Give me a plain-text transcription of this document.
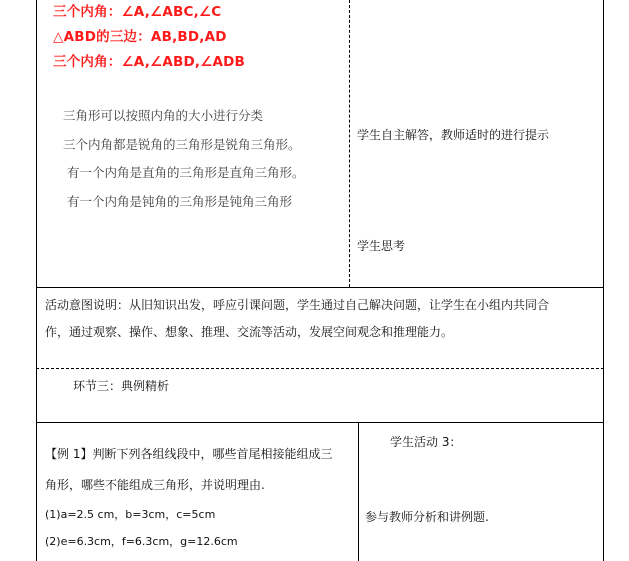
三个内角：∠A,∠ABC,∠C
△ABD的三边：AB,BD,AD
三个内角：∠A,∠ABD,∠ADB
三角形可以按照内角的大小进行分类
三个内角都是锐角的三角形是锐角三角形。
有一个内角是直角的三角形是直角三角形。
有一个内角是钝角的三角形是钝角三角形
学生自主解答，教师适时的进行提示
学生思考
活动意图说明：从旧知识出发，呼应引课问题，学生通过自己解决问题，让学生在小组内共同合
作，通过观察、操作、想象、推理、交流等活动，发展空间观念和推理能力。
环节三：典例精析
【例 1】判断下列各组线段中，哪些首尾相接能组成三
角形，哪些不能组成三角形，并说明理由.
(1)a=2.5 cm，b=3cm，c=5cm
(2)e=6.3cm，f=6.3cm，g=12.6cm
学生活动 3：
参与教师分析和讲例题.
